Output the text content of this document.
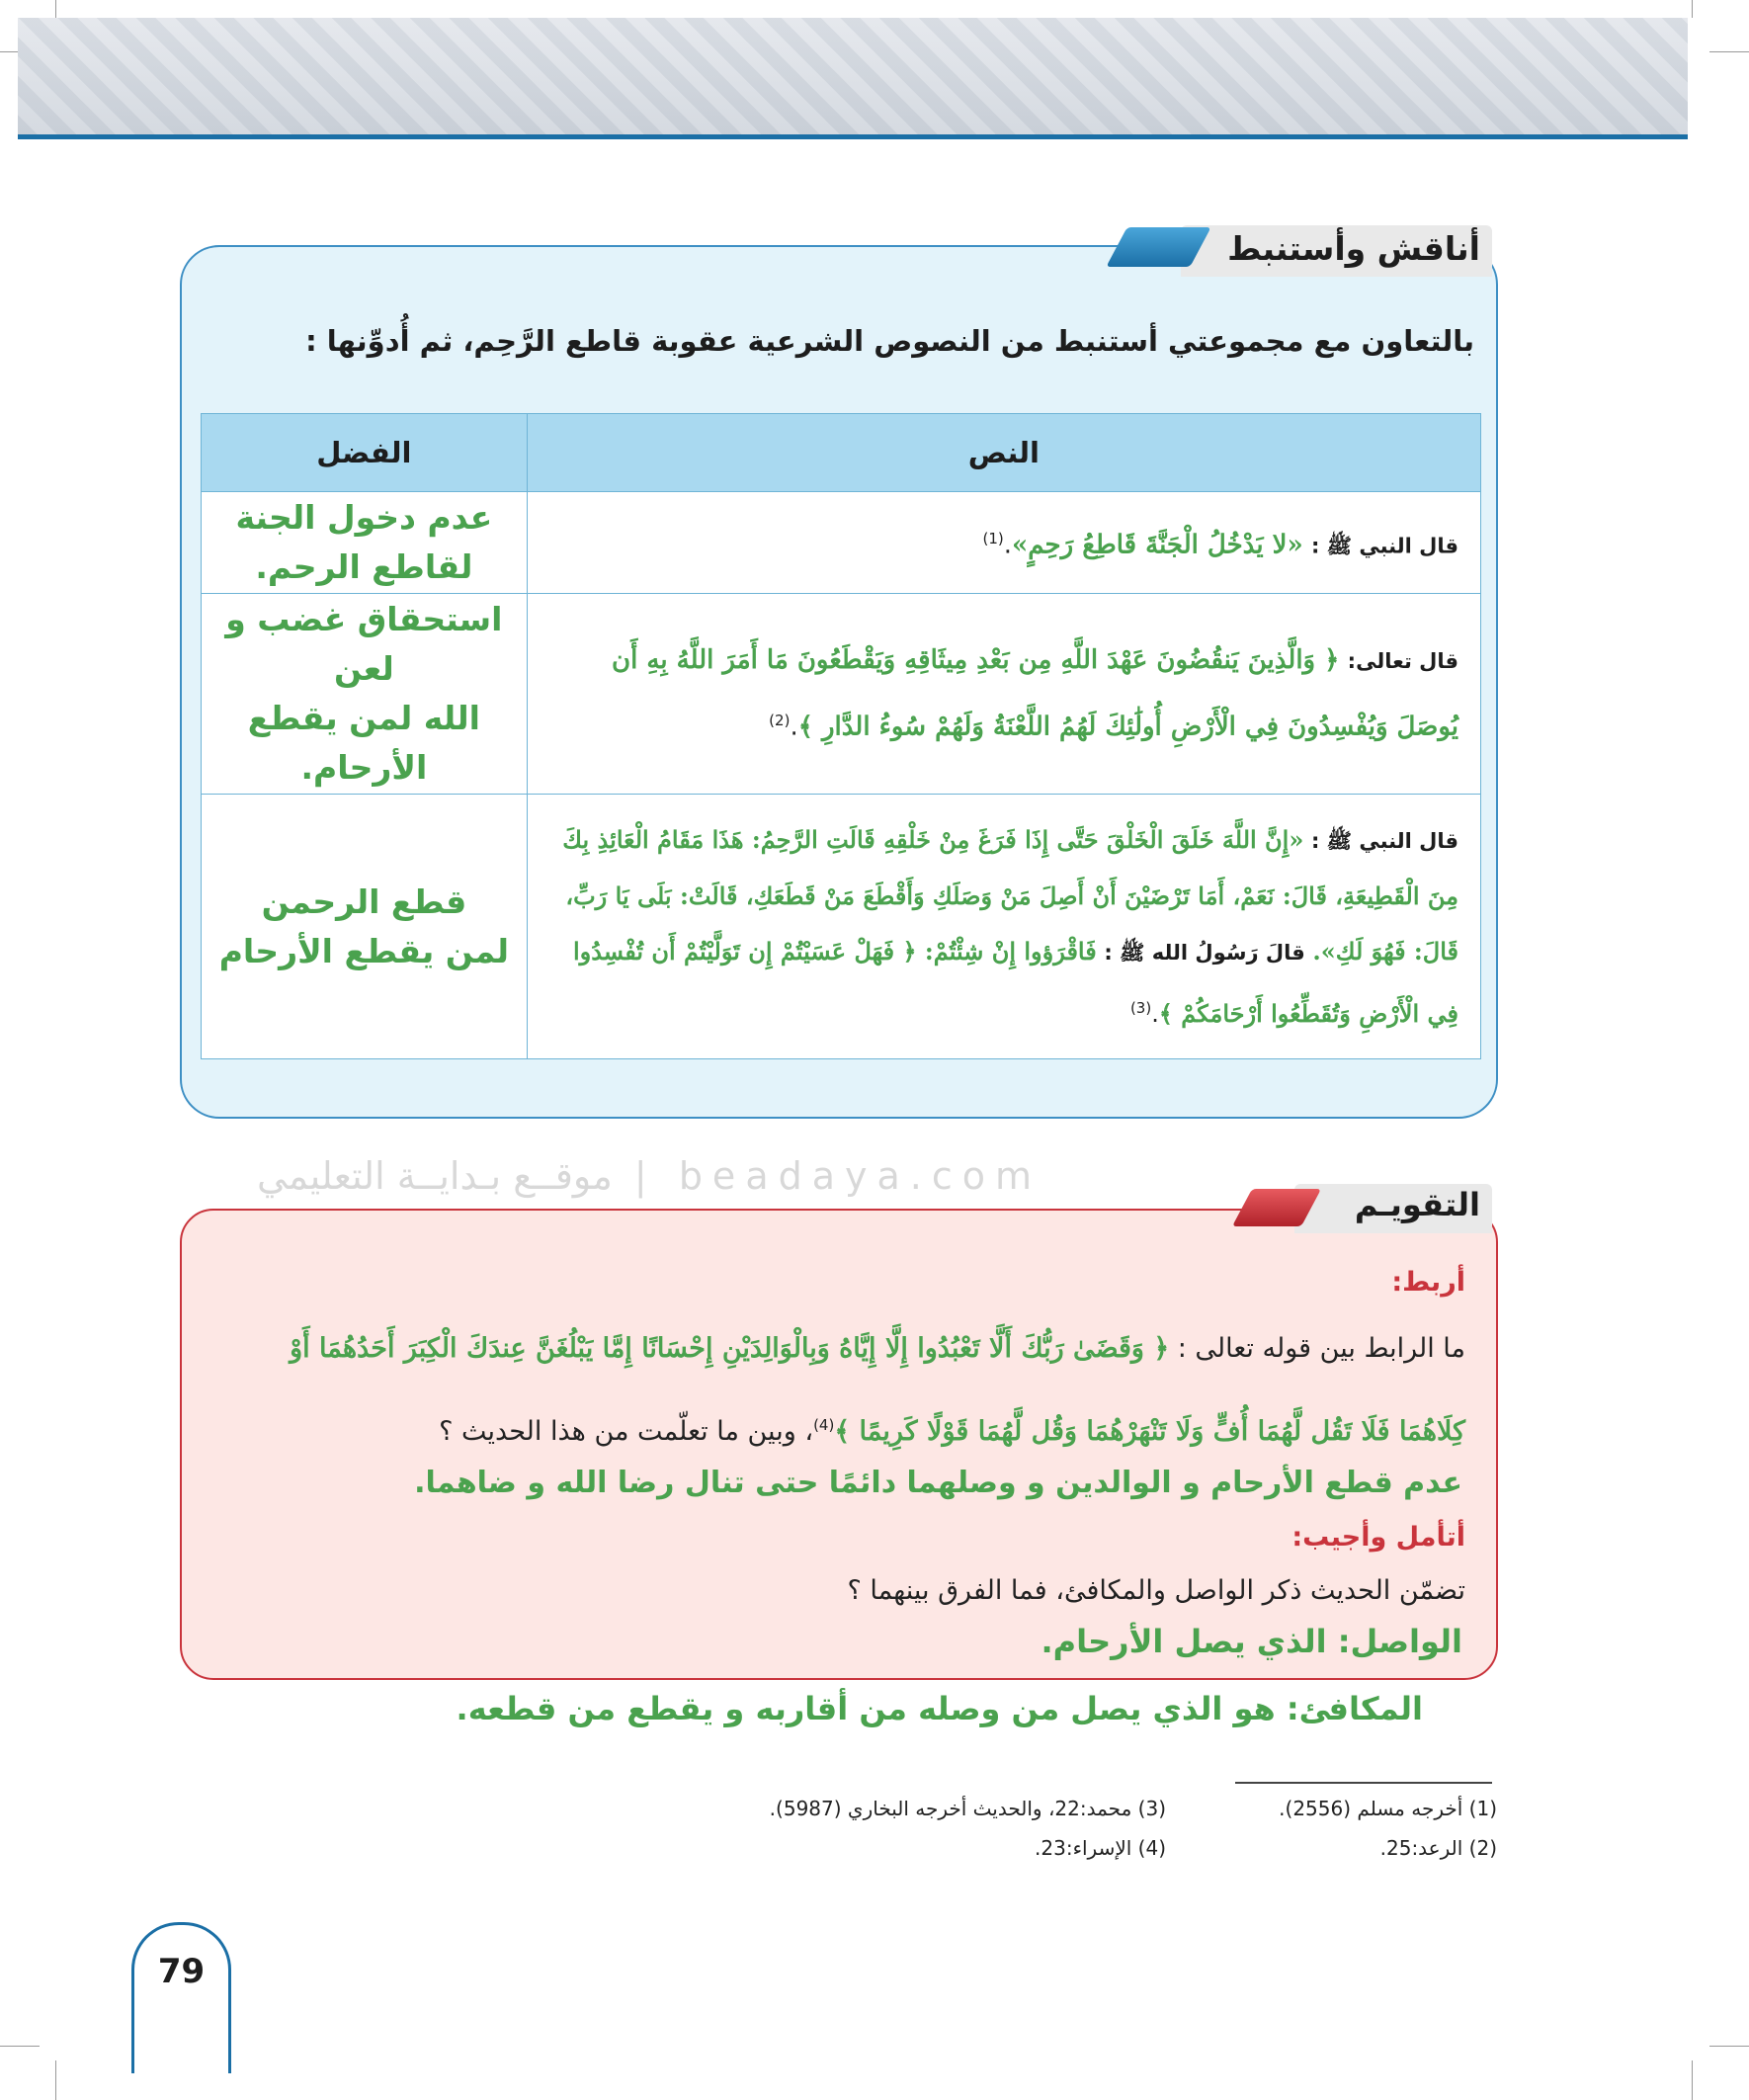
أناقش وأستنبط
بالتعاون مع مجموعتي أستنبط من النصوص الشرعية عقوبة قاطع الرَّحِم، ثم أُدوِّنها :
النص	الفضل
قال النبي ﷺ : «لا يَدْخُلُ الْجَنَّةَ قَاطِعُ رَحِمٍ».$^{(1)}$	عدم دخول الجنة
لقاطع الرحم.

قال تعالى: ﴿ وَالَّذِينَ يَنقُضُونَ عَهْدَ اللَّهِ مِن بَعْدِ مِيثَاقِهِ وَيَقْطَعُونَ مَا أَمَرَ اللَّهُ بِهِ أَن يُوصَلَ وَيُفْسِدُونَ فِي الْأَرْضِ أُولَٰئِكَ لَهُمُ اللَّعْنَةُ وَلَهُمْ سُوءُ الدَّارِ ﴾.$^{(2)}$	استحقاق غضب و لعن
الله لمن يقطع الأرحام.

قال النبي ﷺ : «إِنَّ اللَّهَ خَلَقَ الْخَلْقَ حَتَّى إِذَا فَرَغَ مِنْ خَلْقِهِ قَالَتِ الرَّحِمُ: هَذَا مَقَامُ الْعَائِذِ بِكَ مِنَ الْقَطِيعَةِ، قَالَ: نَعَمْ، أَمَا تَرْضَيْنَ أَنْ أَصِلَ مَنْ وَصَلَكِ وَأَقْطَعَ مَنْ قَطَعَكِ، قَالَتْ: بَلَى يَا رَبِّ، قَالَ: فَهُوَ لَكِ». قالَ رَسُولُ الله ﷺ : فَاقْرَؤوا إِنْ شِئْتُمْ: ﴿ فَهَلْ عَسَيْتُمْ إِن تَوَلَّيْتُمْ أَن تُفْسِدُوا فِي الْأَرْضِ وَتُقَطِّعُوا أَرْحَامَكُمْ ﴾.$^{(3)}$	قطع الرحمن
لمن يقطع الأرحام
beadaya.com | موقــع بـدايــة التعليمي
التقويـم
أربط:
ما الرابط بين قوله تعالى : ﴿ وَقَضَىٰ رَبُّكَ أَلَّا تَعْبُدُوا إِلَّا إِيَّاهُ وَبِالْوَالِدَيْنِ إِحْسَانًا إِمَّا يَبْلُغَنَّ عِندَكَ الْكِبَرَ أَحَدُهُمَا أَوْ
كِلَاهُمَا فَلَا تَقُل لَّهُمَا أُفٍّ وَلَا تَنْهَرْهُمَا وَقُل لَّهُمَا قَوْلًا كَرِيمًا ﴾$^{(4)}$، وبين ما تعلّمت من هذا الحديث ؟
عدم قطع الأرحام و الوالدين و وصلهما دائمًا حتى تنال رضا الله و ضاهما.
أتأمل وأجيب:
تضمّن الحديث ذكر الواصل والمكافئ، فما الفرق بينهما ؟
الواصل: الذي يصل الأرحام.
المكافئ: هو الذي يصل من وصله من أقاربه و يقطع من قطعه.
(1) أخرجه مسلم (2556).
(2) الرعد:25.
(3) محمد:22، والحديث أخرجه البخاري (5987).
(4) الإسراء:23.
79
